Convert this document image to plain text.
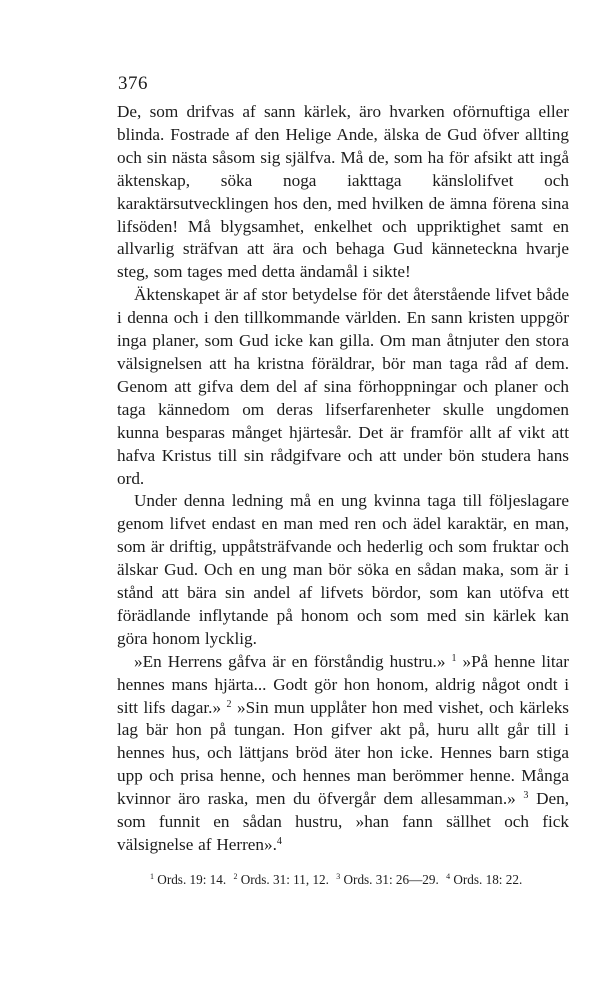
376

De, som drifvas af sann kärlek, äro hvarken oförnuftiga eller blinda. Fostrade af den Helige Ande, älska de Gud öfver allting och sin nästa såsom sig själfva. Må de, som ha för afsikt att ingå äktenskap, söka noga iakttaga känslolifvet och karaktärsutvecklingen hos den, med hvilken de ämna förena sina lifsöden! Må blygsamhet, enkelhet och uppriktighet samt en allvarlig sträfvan att ära och behaga Gud känneteckna hvarje steg, som tages med detta ändamål i sikte!

Äktenskapet är af stor betydelse för det återstående lifvet både i denna och i den tillkommande världen. En sann kristen uppgör inga planer, som Gud icke kan gilla. Om man åtnjuter den stora välsignelsen att ha kristna föräldrar, bör man taga råd af dem. Genom att gifva dem del af sina förhoppningar och planer och taga kännedom om deras lifserfarenheter skulle ungdomen kunna besparas månget hjärtesår. Det är framför allt af vikt att hafva Kristus till sin rådgifvare och att under bön studera hans ord.

Under denna ledning må en ung kvinna taga till följeslagare genom lifvet endast en man med ren och ädel karaktär, en man, som är driftig, uppåtsträfvande och hederlig och som fruktar och älskar Gud. Och en ung man bör söka en sådan maka, som är i stånd att bära sin andel af lifvets bördor, som kan utöfva ett förädlande inflytande på honom och som med sin kärlek kan göra honom lycklig.

»En Herrens gåfva är en förståndig hustru.» $^1$ »På henne litar hennes mans hjärta... Godt gör hon honom, aldrig något ondt i sitt lifs dagar.» $^2$ »Sin mun upplåter hon med vishet, och kärleks lag bär hon på tungan. Hon gifver akt på, huru allt går till i hennes hus, och lättjans bröd äter hon icke. Hennes barn stiga upp och prisa henne, och hennes man berömmer henne. Många kvinnor äro raska, men du öfvergår dem allesamman.» $^3$ Den, som funnit en sådan hustru, »han fann sällhet och fick välsignelse af Herren».$^4$

$^1$ Ords. 19: 14. $^2$ Ords. 31: 11, 12. $^3$ Ords. 31: 26—29. $^4$ Ords. 18: 22.
